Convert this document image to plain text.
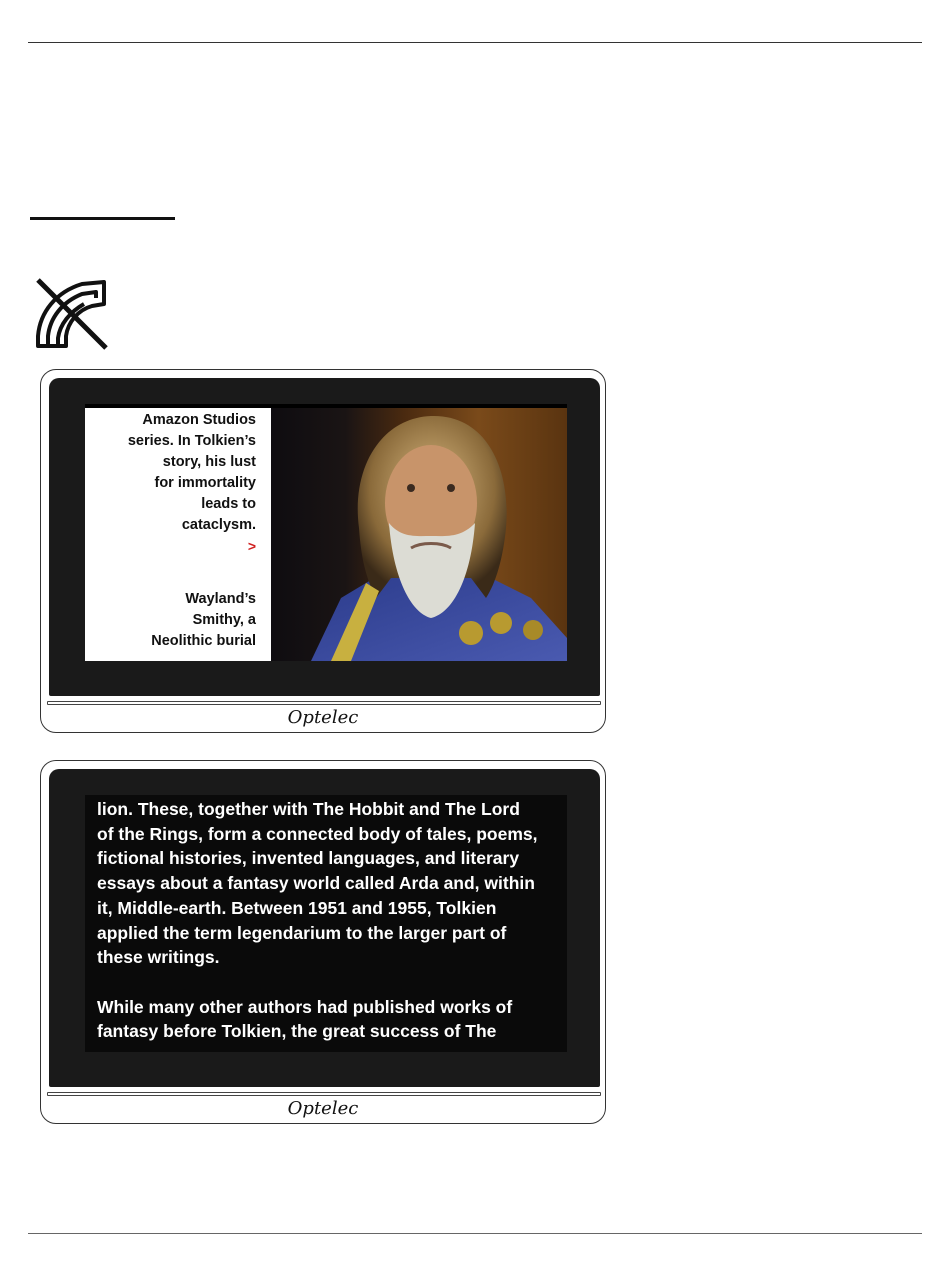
Amazon Studios
series. In Tolkien’s
story, his lust
for immortality
leads to
cataclysm.
>
Wayland’s
Smithy, a
Neolithic burial
Optelec
lion. These, together with The Hobbit and The Lord
of the Rings, form a connected body of tales, poems,
fictional histories, invented languages, and literary
essays about a fantasy world called Arda and, within
it, Middle-earth. Between 1951 and 1955, Tolkien
applied the term legendarium to the larger part of
these writings.
While many other authors had published works of
fantasy before Tolkien, the great success of The
Optelec
